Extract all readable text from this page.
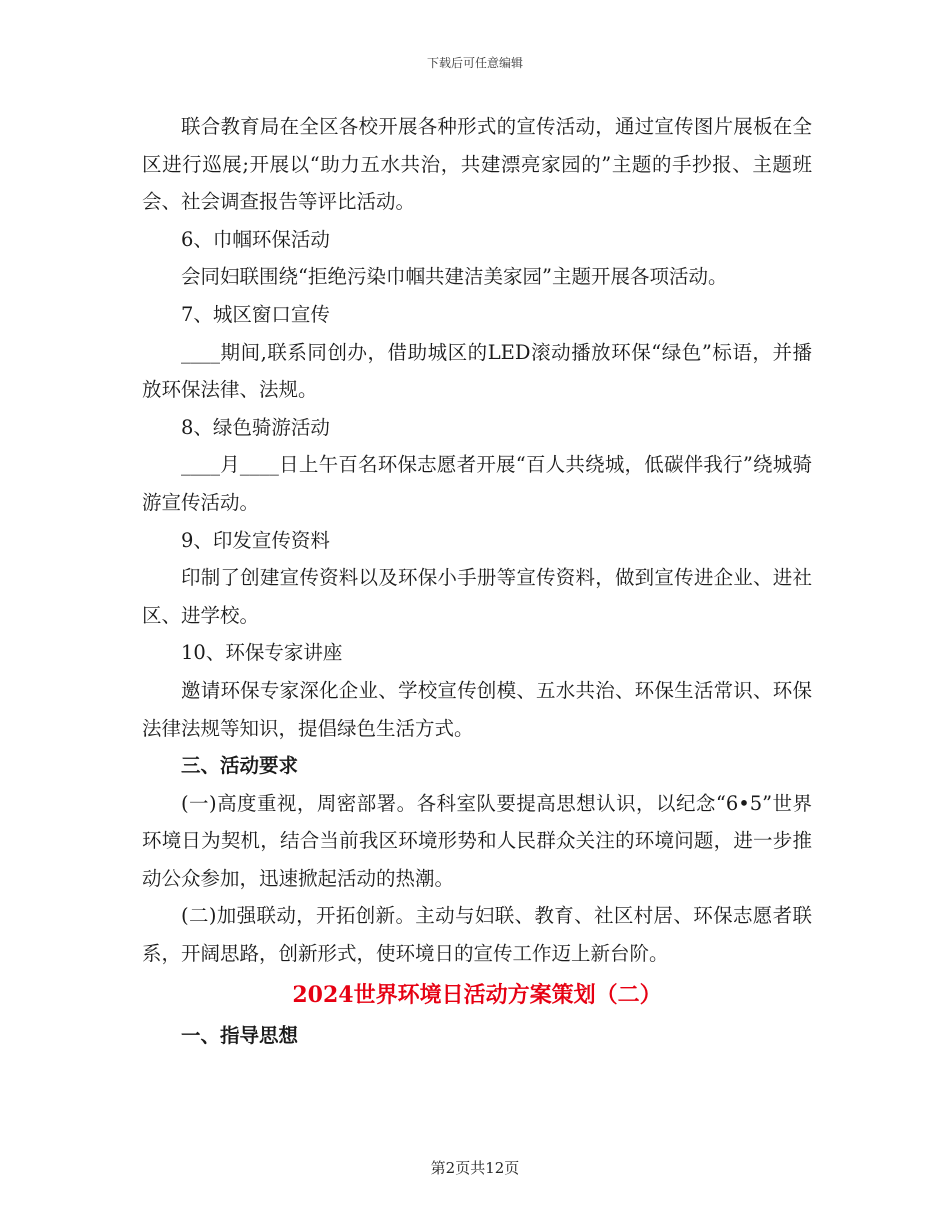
下载后可任意编辑

联合教育局在全区各校开展各种形式的宣传活动，通过宣传图片展板在全区进行巡展;开展以“助力五水共治，共建漂亮家园的”主题的手抄报、主题班会、社会调查报告等评比活动。

6、巾帼环保活动

会同妇联围绕“拒绝污染巾帼共建洁美家园”主题开展各项活动。

7、城区窗口宣传

____期间,联系同创办，借助城区的LED滚动播放环保“绿色”标语，并播放环保法律、法规。

8、绿色骑游活动

____月____日上午百名环保志愿者开展“百人共绕城，低碳伴我行”绕城骑游宣传活动。

9、印发宣传资料

印制了创建宣传资料以及环保小手册等宣传资料，做到宣传进企业、进社区、进学校。

10、环保专家讲座

邀请环保专家深化企业、学校宣传创模、五水共治、环保生活常识、环保法律法规等知识，提倡绿色生活方式。

三、活动要求

(一)高度重视，周密部署。各科室队要提高思想认识，以纪念“6•5”世界环境日为契机，结合当前我区环境形势和人民群众关注的环境问题，进一步推动公众参加，迅速掀起活动的热潮。

(二)加强联动，开拓创新。主动与妇联、教育、社区村居、环保志愿者联系，开阔思路，创新形式，使环境日的宣传工作迈上新台阶。

2024世界环境日活动方案策划（二）

一、指导思想

第2页共12页
